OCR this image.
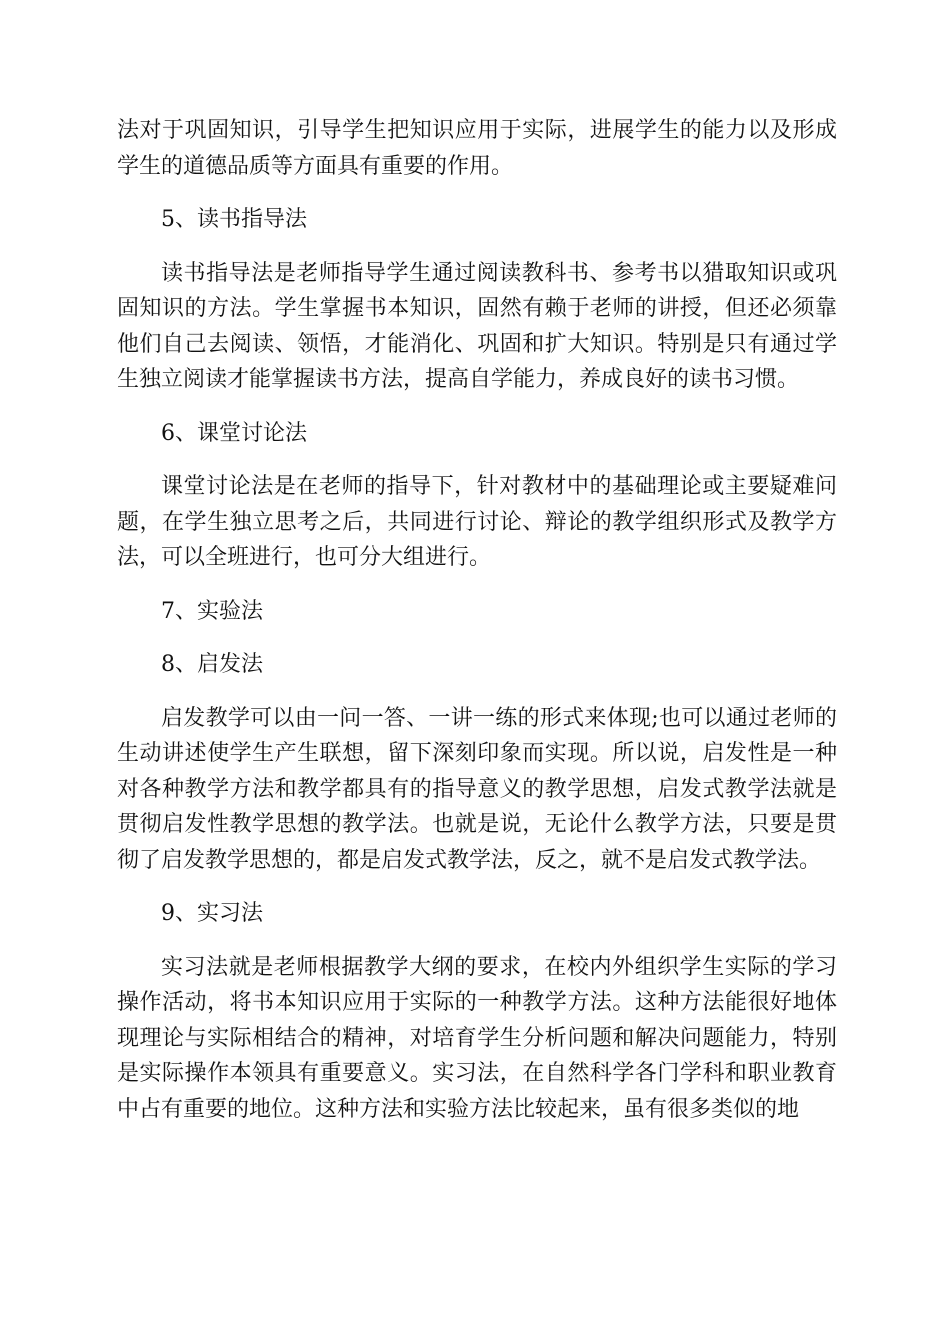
法对于巩固知识，引导学生把知识应用于实际，进展学生的能力以及形成学生的道德品质等方面具有重要的作用。

5、读书指导法

读书指导法是老师指导学生通过阅读教科书、参考书以猎取知识或巩固知识的方法。学生掌握书本知识，固然有赖于老师的讲授，但还必须靠他们自己去阅读、领悟，才能消化、巩固和扩大知识。特别是只有通过学生独立阅读才能掌握读书方法，提高自学能力，养成良好的读书习惯。

6、课堂讨论法

课堂讨论法是在老师的指导下，针对教材中的基础理论或主要疑难问题，在学生独立思考之后，共同进行讨论、辩论的教学组织形式及教学方法，可以全班进行，也可分大组进行。

7、实验法

8、启发法

启发教学可以由一问一答、一讲一练的形式来体现;也可以通过老师的生动讲述使学生产生联想，留下深刻印象而实现。所以说，启发性是一种对各种教学方法和教学都具有的指导意义的教学思想，启发式教学法就是贯彻启发性教学思想的教学法。也就是说，无论什么教学方法，只要是贯彻了启发教学思想的，都是启发式教学法，反之，就不是启发式教学法。

9、实习法

实习法就是老师根据教学大纲的要求，在校内外组织学生实际的学习操作活动，将书本知识应用于实际的一种教学方法。这种方法能很好地体现理论与实际相结合的精神，对培育学生分析问题和解决问题能力，特别是实际操作本领具有重要意义。实习法，在自然科学各门学科和职业教育中占有重要的地位。这种方法和实验方法比较起来，虽有很多类似的地
